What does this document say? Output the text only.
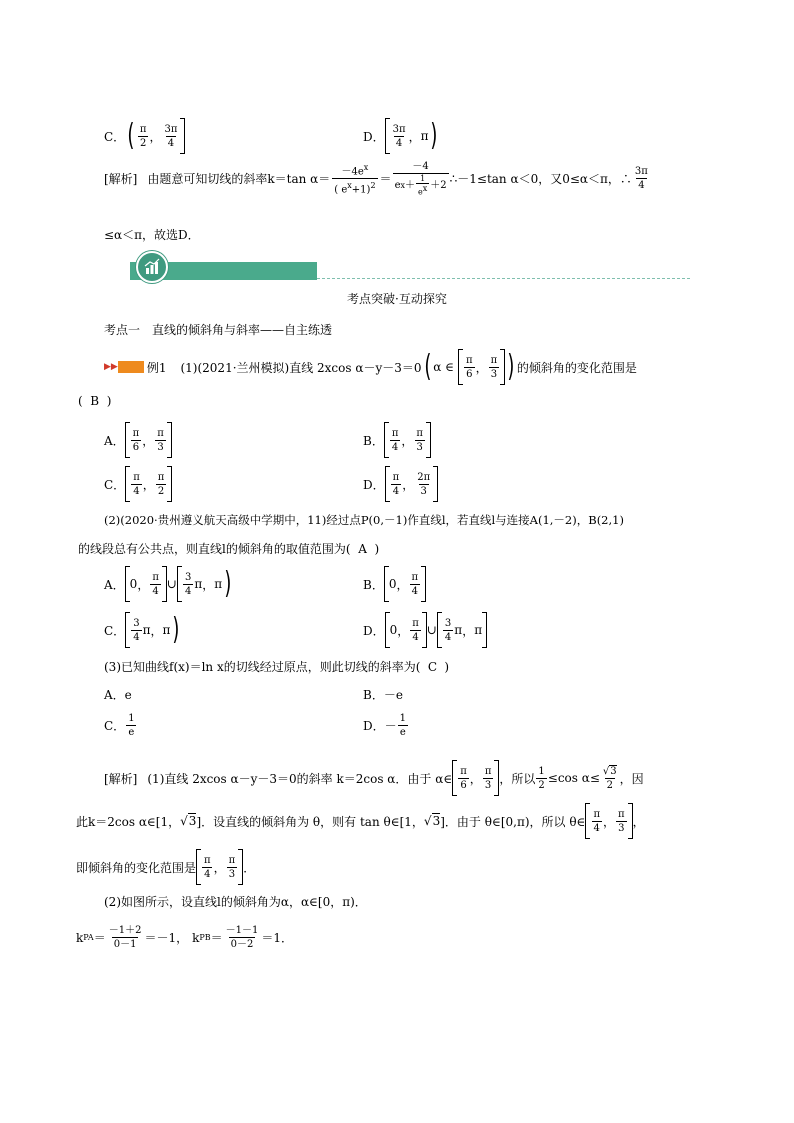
C． ( $\frac{\pi}{2}$ ， $\frac{3\pi}{4}$	D． $\frac{3\pi}{4}$ ， π )
[解析] 由题意可知切线的斜率k＝tan $\alpha= \frac{-4e^x}{( e^x+1)^2} = \frac{-4}{e x + \frac{1}{ex} +2}$ ∴－1≤tan α＜0， 又0≤α＜π，∴ $\frac{3\pi}{4}$
≤α＜π，故选D．
考点突破·互动探究
考点一　直线的倾斜角与斜率——自主练透
▶▶ 例1 (1)(2021·兰州模拟)直线 2xcos α－y－3＝0 ( α ∈ $\frac{\pi}{6}$ ， $\frac{\pi}{3}$ ) 的倾斜角的变化范围是
( B )
A． $\frac{\pi}{6}$ ， $\frac{\pi}{3}$	B． $\frac{\pi}{4}$ ， $\frac{\pi}{3}$
C． $\frac{\pi}{4}$ ， $\frac{\pi}{2}$	D． $\frac{\pi}{4}$ ， $\frac{2\pi}{3}$
(2)(2020·贵州遵义航天高级中学期中，11)经过点P(0,－1)作直线l，若直线l与连接A(1,－2)，B(2,1)
的线段总有公共点，则直线l的倾斜角的取值范围为( A )
A． 0 ， $\frac{\pi}{4}$ ∪ $\frac{3}{4}$ π ， π )	B． 0 ， $\frac{\pi}{4}$
C． $\frac{3}{4}$ π ， π )	D． 0 ， $\frac{\pi}{4}$ ∪ $\frac{3}{4}$ π ， π
(3)已知曲线f(x)＝ln x的切线经过原点，则此切线的斜率为( C )
A．e	B．－e
C． $\frac{1}{e}$	D．－ $\frac{1}{e}$
[解析] (1)直线 2xcos α－y－3＝0的斜率 k＝2cos α．由于 α∈ $\frac{\pi}{6}$ ， $\frac{\pi}{3}$ ，所以 $\frac{1}{2} \le\cos$ $\alpha\le \frac{√3}{2}$ ，因
此k＝2cos α∈[1， √3 ]．设直线的倾斜角为 θ，则有 tan θ∈[1， √3 ]．由于 θ∈[0,π)，所以 θ∈ $\frac{\pi}{4}$ ， $\frac{\pi}{3}$ ，
即倾斜角的变化范围是 $\frac{\pi}{4}$ ， $\frac{\pi}{3}$ ．
(2)如图所示，设直线l的倾斜角为α，α∈[0，π)．
k PA ＝ $\frac{-1+2}{0-1} =-1$， k PB ＝ $\frac{-1-1}{0-2} =1$．
